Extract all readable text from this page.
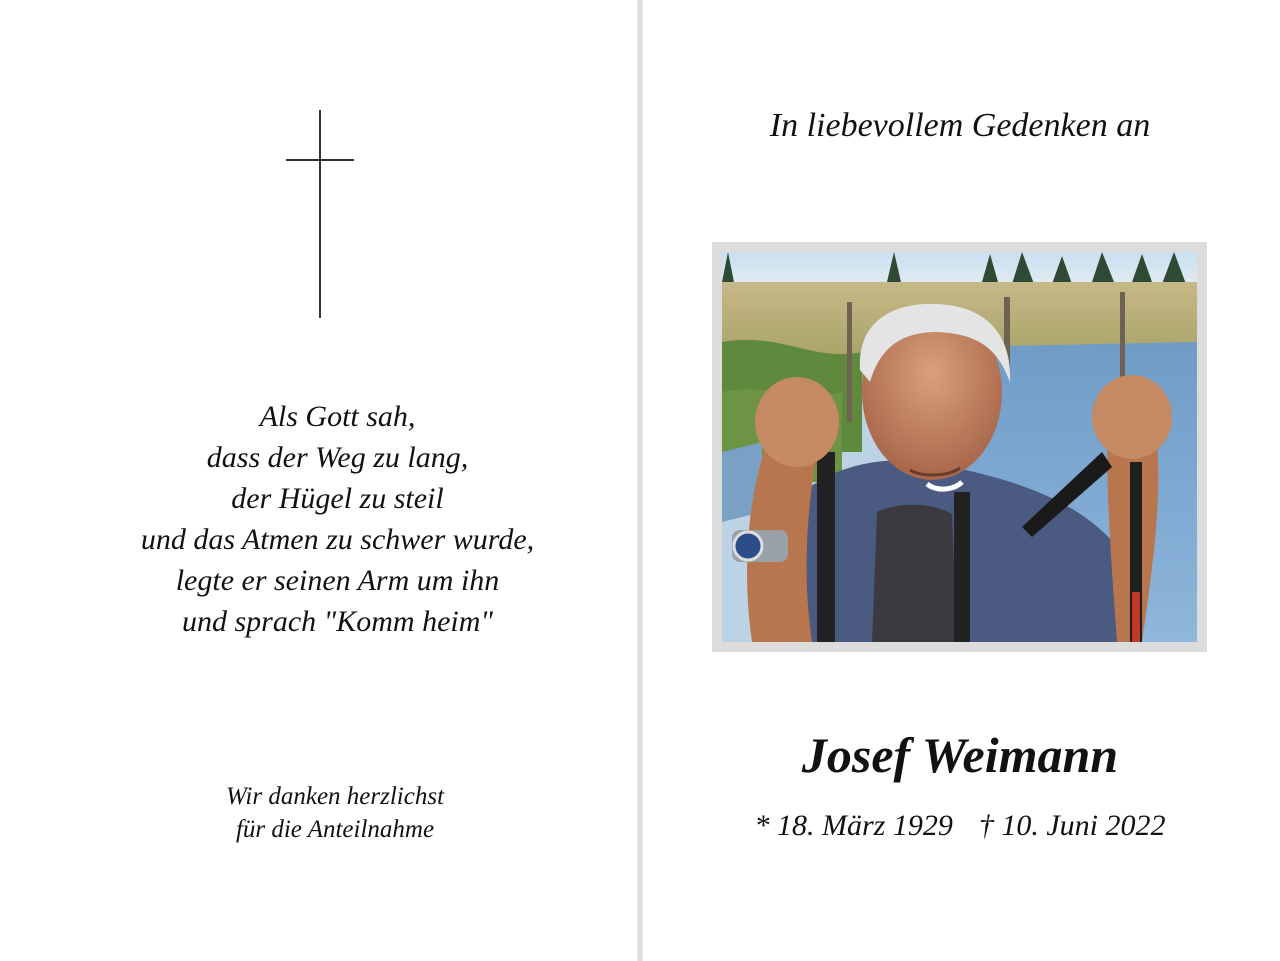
Als Gott sah,
dass der Weg zu lang,
der Hügel zu steil
und das Atmen zu schwer wurde,
legte er seinen Arm um ihn
und sprach "Komm heim"
Wir danken herzlichst
für die Anteilnahme
In liebevollem Gedenken an
Josef Weimann
* 18. März 1929 † 10. Juni 2022
